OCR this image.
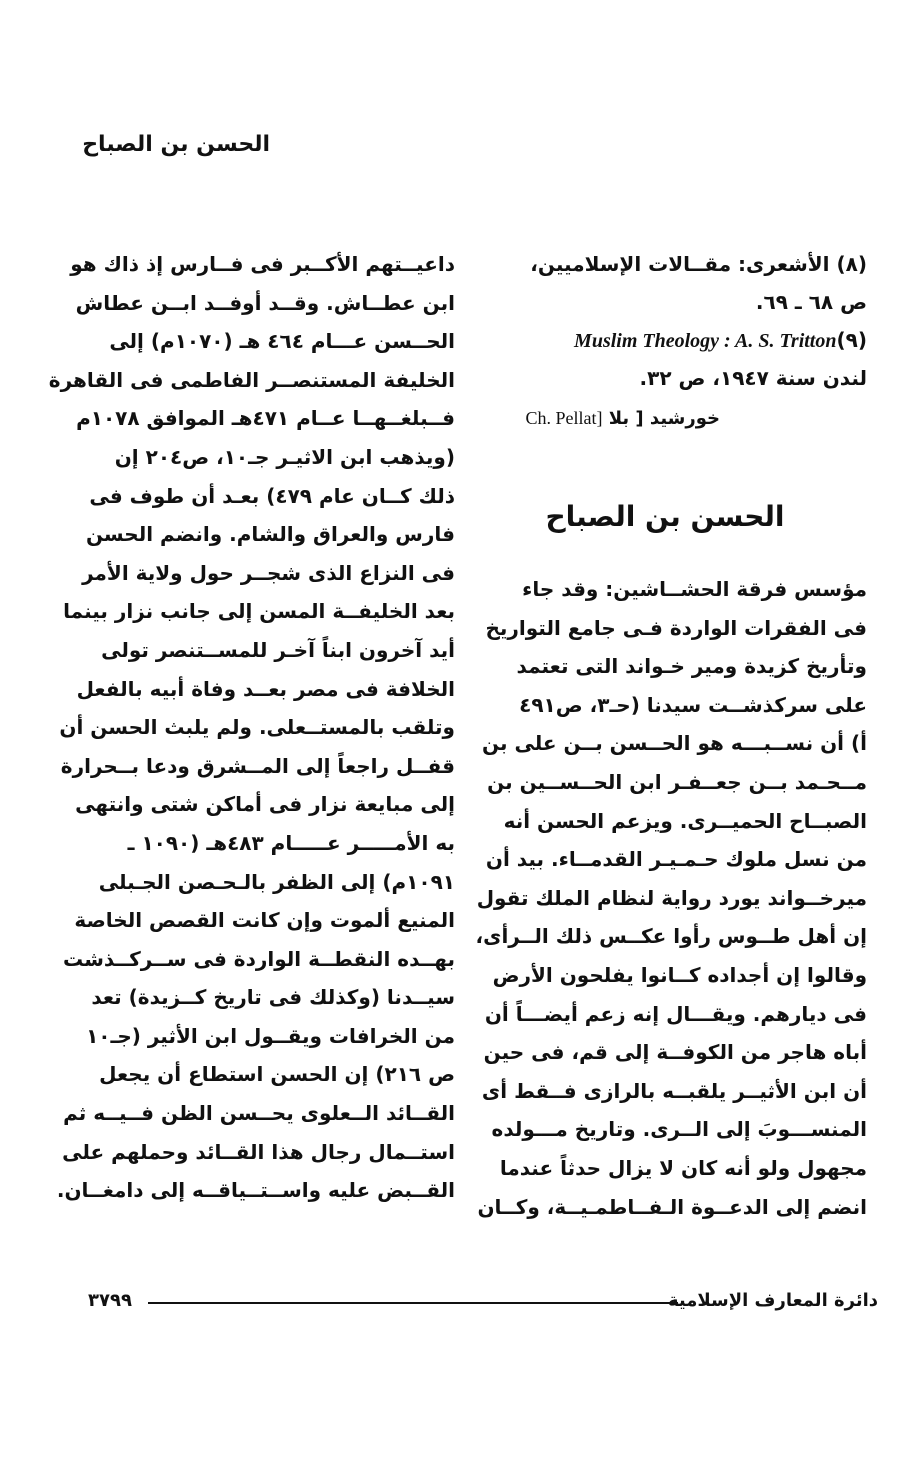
الحسن بن الصباح
(٨) الأشعرى: مقــالات الإسلاميين،
ص ٦٨ ـ ٦٩.
(٩)Muslim Theology : A. S. Tritton
لندن سنة ١٩٤٧، ص ٣٢.
خورشيد [ بلا Ch. Pellat]
الحسن بن الصباح
مؤسس فرقة الحشــاشين: وقد جاء
فى الفقرات الواردة فـى جامع التواريخ
وتأريخ كزيدة ومير خـواند التى تعتمد
على سركذشــت سيدنا (حـ٣، ص٤٩١
أ) أن نســبـــه هو الحــسن بــن على بن
مــحـمد بــن جعــفـر ابن الحــســين بن
الصبــاح الحميــرى. ويزعم الحسن أنه
من نسل ملوك حـمـيـر القدمــاء. بيد أن
ميرخــواند يورد رواية لنظام الملك تقول
إن أهل طــوس رأوا عكــس ذلك الــرأى،
وقالوا إن أجداده كــانوا يفلحون الأرض
فى ديارهم. ويقـــال إنه زعم أيضـــاً أن
أباه هاجر من الكوفــة إلى قم، فى حين
أن ابن الأثيــر يلقبــه بالرازى فــقط أى
المنســـوبَ إلى الــرى. وتاريخ مـــولده
مجهول ولو أنه كان لا يزال حدثاً عندما
انضم إلى الدعــوة الـفــاطمـيــة، وكــان
داعيــتهم الأكــبر فى فــارس إذ ذاك هو
ابن عطــاش. وقــد أوفــد ابــن عطاش
الحــسن عـــام ٤٦٤ هـ (١٠٧٠م) إلى
الخليفة المستنصــر الفاطمى فى القاهرة
فــبلغــهــا عــام ٤٧١هـ الموافق ١٠٧٨م
(ويذهب ابن الاثيـر جـ١٠، ص٢٠٤ إن
ذلك كــان عام ٤٧٩) بعـد أن طوف فى
فارس والعراق والشام. وانضم الحسن
فى النزاع الذى شجــر حول ولاية الأمر
بعد الخليفــة المسن إلى جانب نزار بينما
أيد آخرون ابناً آخـر للمســتنصر تولى
الخلافة فى مصر بعــد وفاة أبيه بالفعل
وتلقب بالمستــعلى. ولم يلبث الحسن أن
قفــل راجعاً إلى المــشرق ودعا بــحرارة
إلى مبايعة نزار فى أماكن شتى وانتهى
به الأمـــــر عـــــام ٤٨٣هـ (١٠٩٠ ـ
١٠٩١م) إلى الظفر بالـحـصن الجـبلى
المنيع ألموت وإن كانت القصص الخاصة
بهــده النقطــة الواردة فى ســركــذشت
سيــدنا (وكذلك فى تاريخ كــزيدة) تعد
من الخرافات ويقــول ابن الأثير (جـ١٠
ص ٢١٦) إن الحسن استطاع أن يجعل
القــائد الــعلوى يحــسن الظن فــيــه ثم
استــمال رجال هذا القــائد وحملهم على
القــبض عليه واســتــياقــه إلى دامغــان.
٣٧٩٩	دائرة المعارف الإسلامية
